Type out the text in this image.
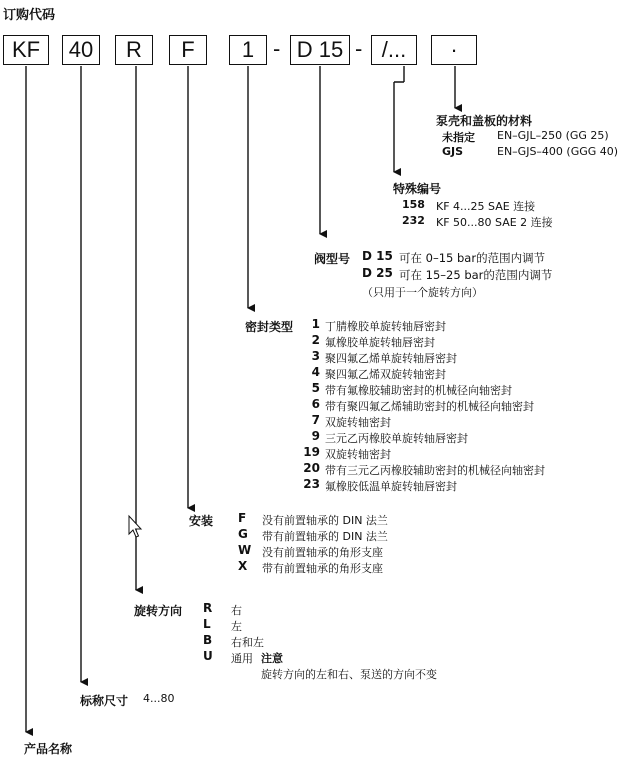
订购代码
KF	40	R	F	1 - D 15 - /...	·
泵壳和盖板的材料
未指定 EN–GJL–250 (GG 25)
GJS	EN–GJS–400 (GGG 40)
特殊编号
158 KF 4...25 SAE 连接
232 KF 50...80 SAE 2 连接
阀型号 D 15 可在 0–15 bar的范围内调节
D 25 可在 15–25 bar的范围内调节
（只用于一个旋转方向）
密封类型	1 丁腈橡胶单旋转轴唇密封
2 氟橡胶单旋转轴唇密封
3 聚四氟乙烯单旋转轴唇密封
4 聚四氟乙烯双旋转轴密封
5 带有氟橡胶辅助密封的机械径向轴密封
6 带有聚四氟乙烯辅助密封的机械径向轴密封
7 双旋转轴密封
9 三元乙丙橡胶单旋转轴唇密封
19 双旋转轴密封
20 带有三元乙丙橡胶辅助密封的机械径向轴密封
23 氟橡胶低温单旋转轴唇密封
安装 F 没有前置轴承的 DIN 法兰
G 带有前置轴承的 DIN 法兰
W 没有前置轴承的角形支座
X 带有前置轴承的角形支座
旋转方向 R 右
L 左
B 右和左
U 通用 注意
旋转方向的左和右、泵送的方向不变
标称尺寸 4...80
产品名称
